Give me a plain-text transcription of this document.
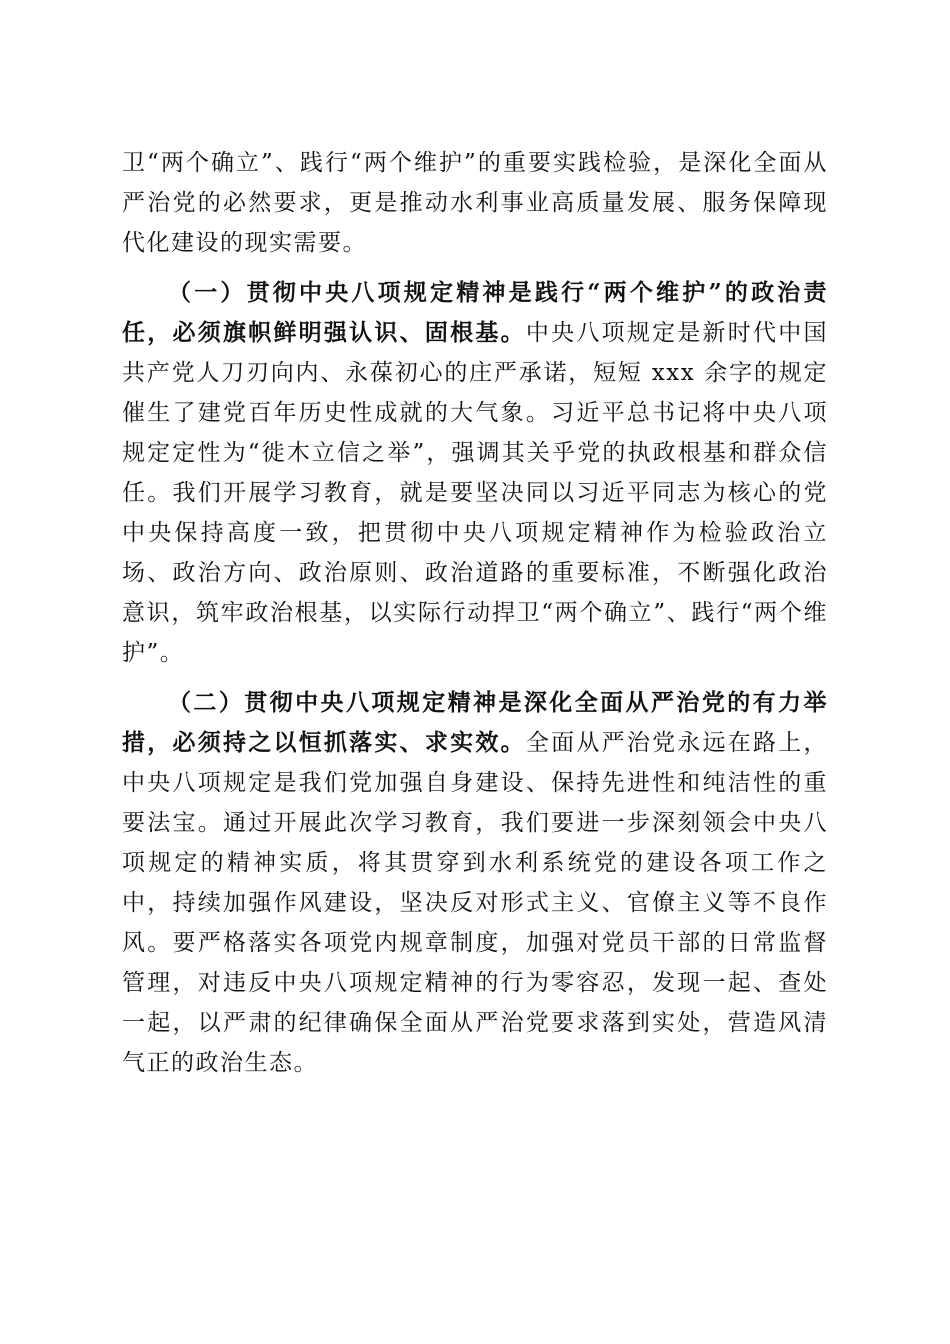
卫“两个确立”、践行“两个维护”的重要实践检验，是深化全面从严治党的必然要求，更是推动水利事业高质量发展、服务保障现代化建设的现实需要。

（一）贯彻中央八项规定精神是践行“两个维护”的政治责任，必须旗帜鲜明强认识、固根基。中央八项规定是新时代中国共产党人刀刃向内、永葆初心的庄严承诺，短短 xxx 余字的规定催生了建党百年历史性成就的大气象。习近平总书记将中央八项规定定性为“徙木立信之举”，强调其关乎党的执政根基和群众信任。我们开展学习教育，就是要坚决同以习近平同志为核心的党中央保持高度一致，把贯彻中央八项规定精神作为检验政治立场、政治方向、政治原则、政治道路的重要标准，不断强化政治意识，筑牢政治根基，以实际行动捍卫“两个确立”、践行“两个维护”。

（二）贯彻中央八项规定精神是深化全面从严治党的有力举措，必须持之以恒抓落实、求实效。全面从严治党永远在路上，中央八项规定是我们党加强自身建设、保持先进性和纯洁性的重要法宝。通过开展此次学习教育，我们要进一步深刻领会中央八项规定的精神实质，将其贯穿到水利系统党的建设各项工作之中，持续加强作风建设，坚决反对形式主义、官僚主义等不良作风。要严格落实各项党内规章制度，加强对党员干部的日常监督管理，对违反中央八项规定精神的行为零容忍，发现一起、查处一起，以严肃的纪律确保全面从严治党要求落到实处，营造风清气正的政治生态。
